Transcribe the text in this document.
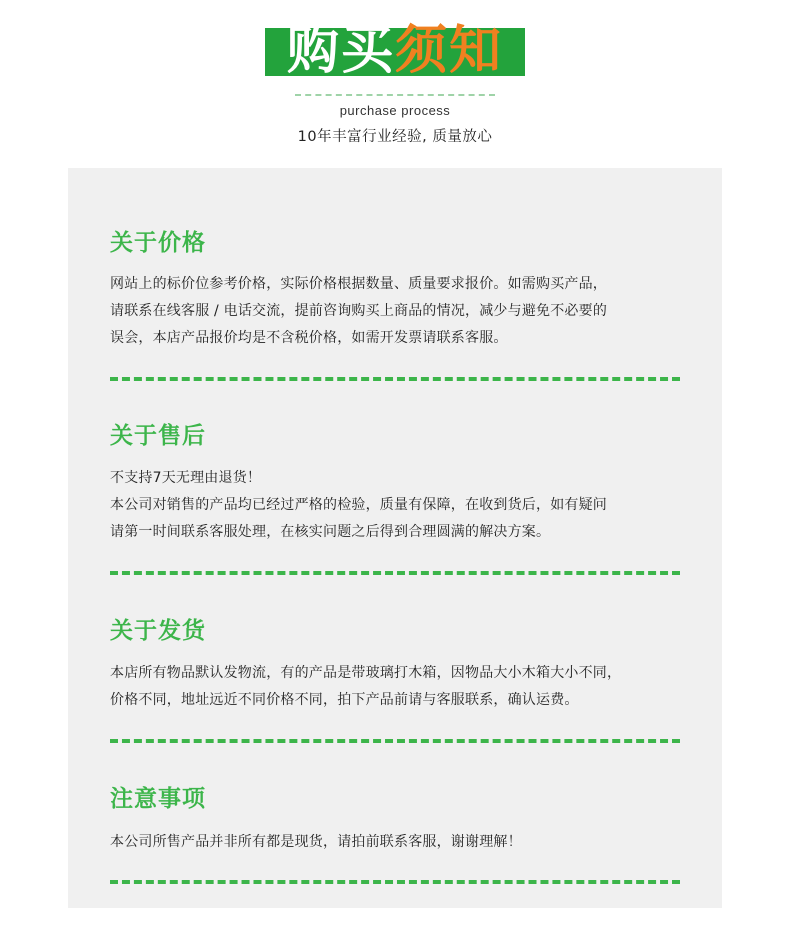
购买须知
purchase process
10年丰富行业经验, 质量放心
关于价格
网站上的标价位参考价格，实际价格根据数量、质量要求报价。如需购买产品，
请联系在线客服 / 电话交流，提前咨询购买上商品的情况，减少与避免不必要的
误会，本店产品报价均是不含税价格，如需开发票请联系客服。
关于售后
不支持7天无理由退货！
本公司对销售的产品均已经过严格的检验，质量有保障，在收到货后，如有疑问
请第一时间联系客服处理，在核实问题之后得到合理圆满的解决方案。
关于发货
本店所有物品默认发物流，有的产品是带玻璃打木箱，因物品大小木箱大小不同，
价格不同，地址远近不同价格不同，拍下产品前请与客服联系，确认运费。
注意事项
本公司所售产品并非所有都是现货，请拍前联系客服，谢谢理解！
